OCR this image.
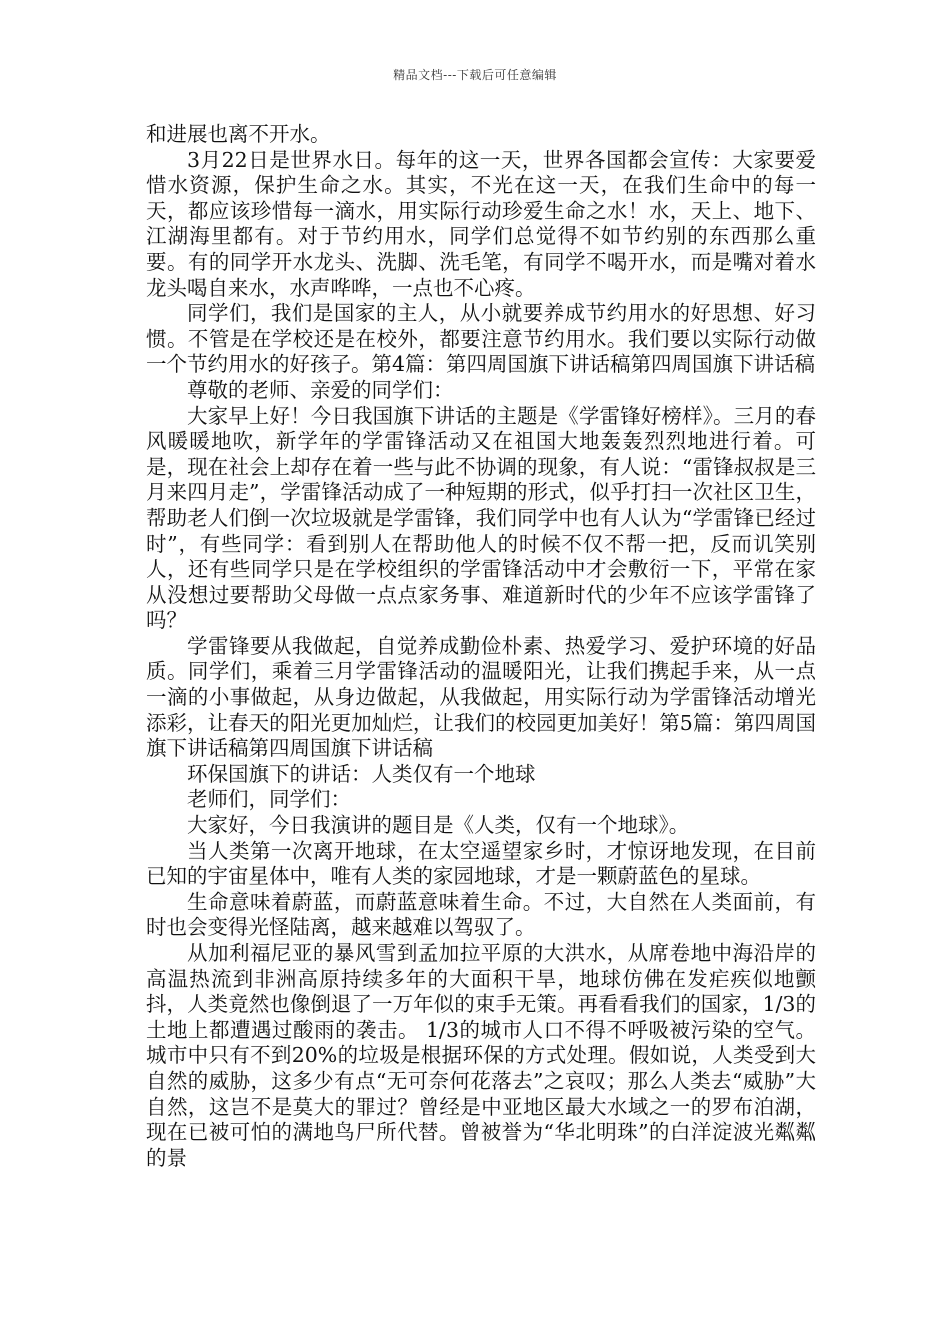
精品文档---下载后可任意编辑

和进展也离不开水。

3月22日是世界水日。每年的这一天，世界各国都会宣传：大家要爱惜水资源，保护生命之水。其实，不光在这一天，在我们生命中的每一天，都应该珍惜每一滴水，用实际行动珍爱生命之水！水，天上、地下、江湖海里都有。对于节约用水，同学们总觉得不如节约别的东西那么重要。有的同学开水龙头、洗脚、洗毛笔，有同学不喝开水，而是嘴对着水龙头喝自来水，水声哗哗，一点也不心疼。

同学们，我们是国家的主人，从小就要养成节约用水的好思想、好习惯。不管是在学校还是在校外，都要注意节约用水。我们要以实际行动做一个节约用水的好孩子。第4篇：第四周国旗下讲话稿第四周国旗下讲话稿

尊敬的老师、亲爱的同学们：

大家早上好！今日我国旗下讲话的主题是《学雷锋好榜样》。三月的春风暖暖地吹，新学年的学雷锋活动又在祖国大地轰轰烈烈地进行着。可是，现在社会上却存在着一些与此不协调的现象，有人说：“雷锋叔叔是三月来四月走”，学雷锋活动成了一种短期的形式，似乎打扫一次社区卫生，帮助老人们倒一次垃圾就是学雷锋，我们同学中也有人认为“学雷锋已经过时”，有些同学：看到别人在帮助他人的时候不仅不帮一把，反而讥笑别人，还有些同学只是在学校组织的学雷锋活动中才会敷衍一下，平常在家从没想过要帮助父母做一点点家务事、难道新时代的少年不应该学雷锋了吗？

学雷锋要从我做起，自觉养成勤俭朴素、热爱学习、爱护环境的好品质。同学们，乘着三月学雷锋活动的温暖阳光，让我们携起手来，从一点一滴的小事做起，从身边做起，从我做起，用实际行动为学雷锋活动增光添彩，让春天的阳光更加灿烂，让我们的校园更加美好！第5篇：第四周国旗下讲话稿第四周国旗下讲话稿

环保国旗下的讲话：人类仅有一个地球

老师们，同学们：

大家好，今日我演讲的题目是《人类，仅有一个地球》。

当人类第一次离开地球，在太空遥望家乡时，才惊讶地发现，在目前已知的宇宙星体中，唯有人类的家园地球，才是一颗蔚蓝色的星球。

生命意味着蔚蓝，而蔚蓝意味着生命。不过，大自然在人类面前，有时也会变得光怪陆离，越来越难以驾驭了。

从加利福尼亚的暴风雪到孟加拉平原的大洪水，从席卷地中海沿岸的高温热流到非洲高原持续多年的大面积干旱，地球仿佛在发疟疾似地颤抖，人类竟然也像倒退了一万年似的束手无策。再看看我们的国家，1/3的土地上都遭遇过酸雨的袭击。 1/3的城市人口不得不呼吸被污染的空气。城市中只有不到20%的垃圾是根据环保的方式处理。假如说，人类受到大自然的威胁，这多少有点“无可奈何花落去”之哀叹；那么人类去“威胁”大自然，这岂不是莫大的罪过？曾经是中亚地区最大水域之一的罗布泊湖，现在已被可怕的满地鸟尸所代替。曾被誉为“华北明珠”的白洋淀波光粼粼的景
